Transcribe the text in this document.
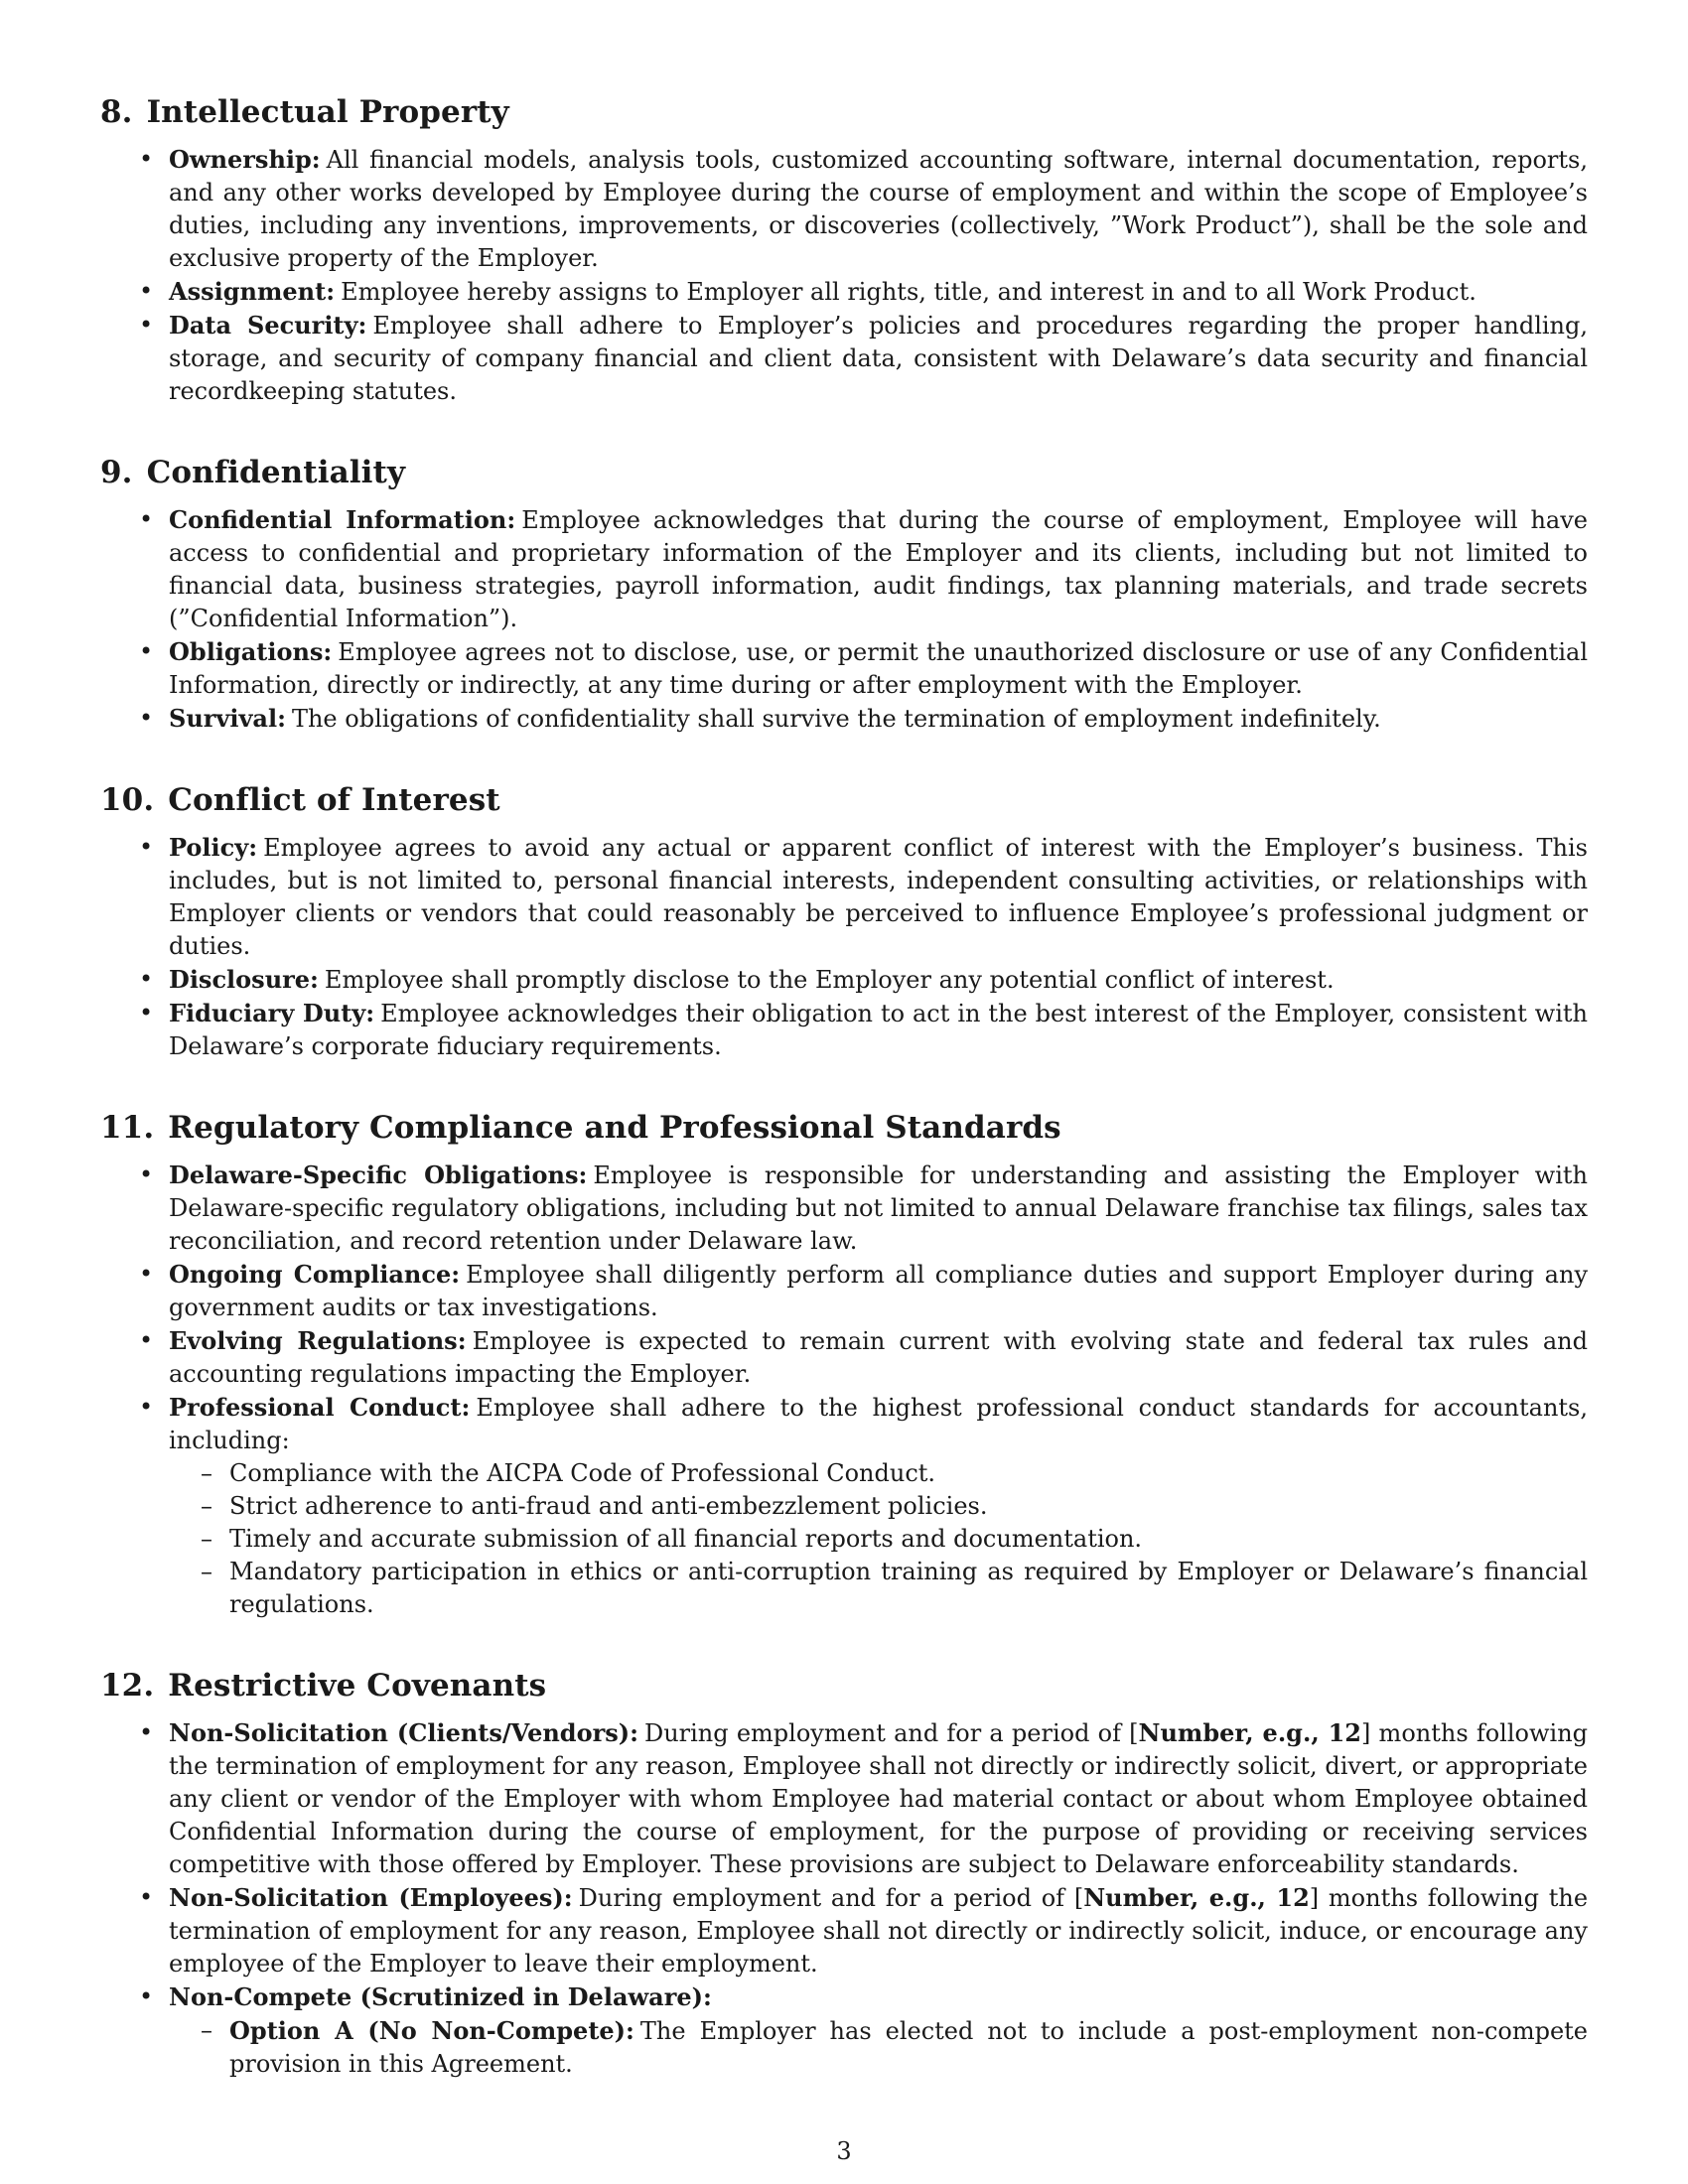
8. Intellectual Property
• Ownership: All financial models, analysis tools, customized accounting software, internal documentation, reports, and any other works developed by Employee during the course of employment and within the scope of Employee’s duties, including any inventions, improvements, or discoveries (collectively, ”Work Product”), shall be the sole and exclusive property of the Employer.
• Assignment: Employee hereby assigns to Employer all rights, title, and interest in and to all Work Product.
• Data Security: Employee shall adhere to Employer’s policies and procedures regarding the proper handling, storage, and security of company financial and client data, consistent with Delaware’s data security and financial recordkeeping statutes.
9. Confidentiality
• Confidential Information: Employee acknowledges that during the course of employment, Employee will have access to confidential and proprietary information of the Employer and its clients, including but not limited to financial data, business strategies, payroll information, audit findings, tax planning materials, and trade secrets (”Confidential Information”).
• Obligations: Employee agrees not to disclose, use, or permit the unauthorized disclosure or use of any Confidential Information, directly or indirectly, at any time during or after employment with the Employer.
• Survival: The obligations of confidentiality shall survive the termination of employment indefinitely.
10. Conflict of Interest
• Policy: Employee agrees to avoid any actual or apparent conflict of interest with the Employer’s business. This includes, but is not limited to, personal financial interests, independent consulting activities, or relationships with Employer clients or vendors that could reasonably be perceived to influence Employee’s professional judgment or duties.
• Disclosure: Employee shall promptly disclose to the Employer any potential conflict of interest.
• Fiduciary Duty: Employee acknowledges their obligation to act in the best interest of the Employer, consistent with Delaware’s corporate fiduciary requirements.
11. Regulatory Compliance and Professional Standards
• Delaware-Specific Obligations: Employee is responsible for understanding and assisting the Employer with Delaware-specific regulatory obligations, including but not limited to annual Delaware franchise tax filings, sales tax reconciliation, and record retention under Delaware law.
• Ongoing Compliance: Employee shall diligently perform all compliance duties and support Employer during any government audits or tax investigations.
• Evolving Regulations: Employee is expected to remain current with evolving state and federal tax rules and accounting regulations impacting the Employer.
• Professional Conduct: Employee shall adhere to the highest professional conduct standards for accountants, including:
– Compliance with the AICPA Code of Professional Conduct.
– Strict adherence to anti-fraud and anti-embezzlement policies.
– Timely and accurate submission of all financial reports and documentation.
– Mandatory participation in ethics or anti-corruption training as required by Employer or Delaware’s financial regulations.
12. Restrictive Covenants
• Non-Solicitation (Clients/Vendors): During employment and for a period of [Number, e.g., 12] months following the termination of employment for any reason, Employee shall not directly or indirectly solicit, divert, or appropriate any client or vendor of the Employer with whom Employee had material contact or about whom Employee obtained Confidential Information during the course of employment, for the purpose of providing or receiving services competitive with those offered by Employer. These provisions are subject to Delaware enforceability standards.
• Non-Solicitation (Employees): During employment and for a period of [Number, e.g., 12] months following the termination of employment for any reason, Employee shall not directly or indirectly solicit, induce, or encourage any employee of the Employer to leave their employment.
• Non-Compete (Scrutinized in Delaware):
– Option A (No Non-Compete): The Employer has elected not to include a post-employment non-compete provision in this Agreement.
3
